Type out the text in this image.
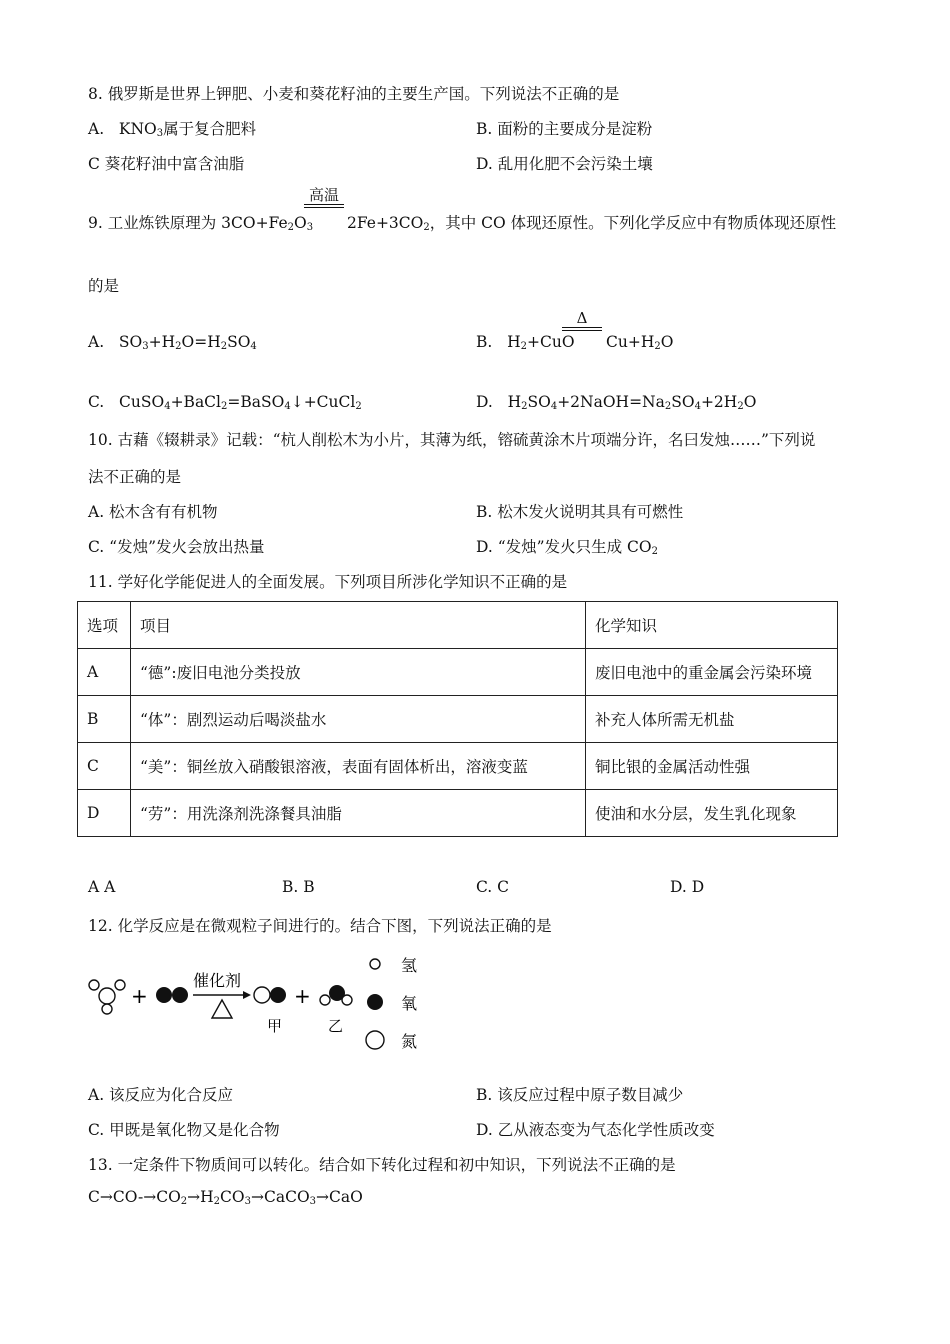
8. 俄罗斯是世界上钾肥、小麦和葵花籽油的主要生产国。下列说法不正确的是
A. $KNO_3$属于复合肥料	B. 面粉的主要成分是淀粉
C 葵花籽油中富含油脂	D. 乱用化肥不会污染土壤
9. 工业炼铁原理为 $3CO+Fe_2O_3$
高温
$2Fe+3CO_2$，其中 CO 体现还原性。下列化学反应中有物质体现还原性
的是
A.   $SO_3+H_2O=H_2SO_4$	B.   $H_2+CuO$
Δ
$Cu+H_2O$
C.   CuSO$_4$+BaCl$_2$=BaSO$_4$↓+CuCl$_2$	D.   $H_2SO_4+2NaOH=Na_2SO_4+2H_2O$
10. 古藉《辍耕录》记载：“杭人削松木为小片，其薄为纸，镕硫黄涂木片项端分许，名曰发烛……”下列说
法不正确的是
A. 松木含有有机物	B. 松木发火说明其具有可燃性
C. “发烛”发火会放出热量	D. “发烛”发火只生成 $CO_2$
11. 学好化学能促进人的全面发展。下列项目所涉化学知识不正确的是
选项	项目	化学知识
A	“德”:废旧电池分类投放	废旧电池中的重金属会污染环境
B	“体”：剧烈运动后喝淡盐水	补充人体所需无机盐
C	“美”：铜丝放入硝酸银溶液，表面有固体析出，溶液变蓝	铜比银的金属活动性强
D	“劳”：用洗涤剂洗涤餐具油脂	使油和水分层，发生乳化现象
A A	B. B	C. C	D. D
12. 化学反应是在微观粒子间进行的。结合下图，下列说法正确的是
+
催化剂
甲
+
乙
氢
氧
氮
A. 该反应为化合反应	B. 该反应过程中原子数目减少
C. 甲既是氧化物又是化合物	D. 乙从液态变为气态化学性质改变
13. 一定条件下物质间可以转化。结合如下转化过程和初中知识，下列说法不正确的是
$C\to CO-\to CO_2\to H_2CO_3\to CaCO_3\to CaO$
